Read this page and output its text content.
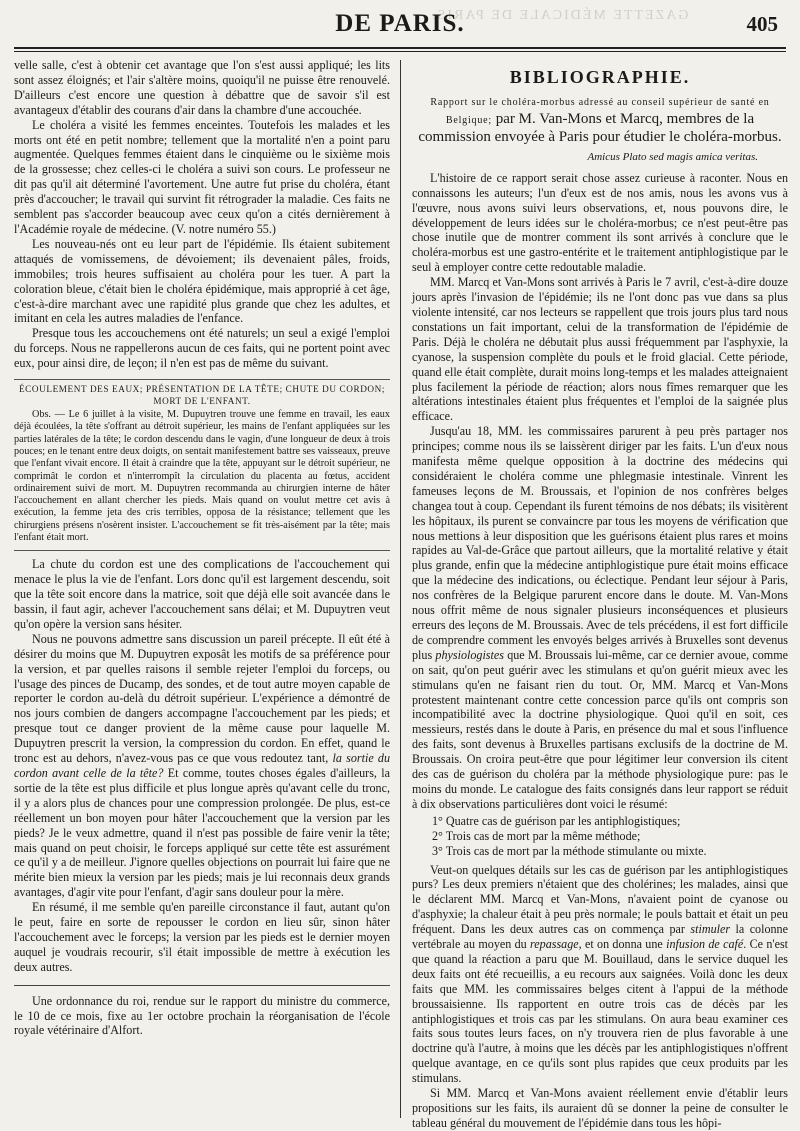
GAZETTE MÉDICALE DE PARIS.
DE PARIS.	405

velle salle, c'est à obtenir cet avantage que l'on s'est aussi appliqué; les lits sont assez éloignés; et l'air s'altère moins, quoiqu'il ne puisse être renouvelé. D'ailleurs c'est encore une question à débattre que de savoir s'il est avantageux d'établir des courans d'air dans la chambre d'une accouchée.

Le choléra a visité les femmes enceintes. Toutefois les malades et les morts ont été en petit nombre; tellement que la mortalité n'en a point paru augmentée. Quelques femmes étaient dans le cinquième ou le sixième mois de la grossesse; chez celles-ci le choléra a suivi son cours. Le professeur ne dit pas qu'il ait déterminé l'avortement. Une autre fut prise du choléra, étant près d'accoucher; le travail qui survint fit rétrograder la maladie. Ces faits ne semblent pas s'accorder beaucoup avec ceux qu'on a cités dernièrement à l'Académie royale de médecine. (V. notre numéro 55.)

Les nouveau-nés ont eu leur part de l'épidémie. Ils étaient subitement attaqués de vomissemens, de dévoiement; ils devenaient pâles, froids, immobiles; trois heures suffisaient au choléra pour les tuer. A part la coloration bleue, c'était bien le choléra épidémique, mais approprié à cet âge, c'est-à-dire marchant avec une rapidité plus grande que chez les adultes, et imitant en cela les autres maladies de l'enfance.

Presque tous les accouchemens ont été naturels; un seul a exigé l'emploi du forceps. Nous ne rappellerons aucun de ces faits, qui ne portent point avec eux, pour ainsi dire, de leçon; il n'en est pas de même du suivant.

ÉCOULEMENT DES EAUX; PRÉSENTATION DE LA TÊTE; CHUTE DU CORDON; MORT DE L'ENFANT.

Obs. — Le 6 juillet à la visite, M. Dupuytren trouve une femme en travail, les eaux déjà écoulées, la tête s'offrant au détroit supérieur, les mains de l'enfant appliquées sur les parties latérales de la tête; le cordon descendu dans le vagin, d'une longueur de deux à trois pouces; en le tenant entre deux doigts, on sentait manifestement battre ses vaisseaux, preuve que l'enfant vivait encore. Il était à craindre que la tête, appuyant sur le détroit supérieur, ne comprimât le cordon et n'interrompît la circulation du placenta au fœtus, accident ordinairement suivi de mort. M. Dupuytren recommanda au chirurgien interne de hâter l'accouchement en allant chercher les pieds. Mais quand on voulut mettre cet avis à exécution, la femme jeta des cris terribles, opposa de la résistance; tellement que les chirurgiens présens n'osèrent insister. L'accouchement se fit très-aisément par la tête; mais l'enfant était mort.

La chute du cordon est une des complications de l'accouchement qui menace le plus la vie de l'enfant. Lors donc qu'il est largement descendu, soit que la tête soit encore dans la matrice, soit que déjà elle soit avancée dans le bassin, il faut agir, achever l'accouchement sans délai; et M. Dupuytren veut qu'on opère la version sans hésiter.

Nous ne pouvons admettre sans discussion un pareil précepte. Il eût été à désirer du moins que M. Dupuytren exposât les motifs de sa préférence pour la version, et par quelles raisons il semble rejeter l'emploi du forceps, ou l'usage des pinces de Ducamp, des sondes, et de tout autre moyen capable de reporter le cordon au-delà du détroit supérieur. L'expérience a démontré de nos jours combien de dangers accompagne l'accouchement par les pieds; et presque tout ce danger provient de la même cause pour laquelle M. Dupuytren prescrit la version, la compression du cordon. En effet, quand le tronc est au dehors, n'avez-vous pas ce que vous redoutez tant, la sortie du cordon avant celle de la tête? Et comme, toutes choses égales d'ailleurs, la sortie de la tête est plus difficile et plus longue après qu'avant celle du tronc, il y a alors plus de chances pour une compression prolongée. De plus, est-ce réellement un bon moyen pour hâter l'accouchement que la version par les pieds? Je le veux admettre, quand il n'est pas possible de faire venir la tête; mais quand on peut choisir, le forceps appliqué sur cette tête est assurément ce qu'il y a de meilleur. J'ignore quelles objections on pourrait lui faire que ne mérite bien mieux la version par les pieds; mais je lui reconnais deux grands avantages, d'agir vite pour l'enfant, d'agir sans douleur pour la mère.

En résumé, il me semble qu'en pareille circonstance il faut, autant qu'on le peut, faire en sorte de repousser le cordon en lieu sûr, sinon hâter l'accouchement avec le forceps; la version par les pieds est le dernier moyen auquel je voudrais recourir, s'il était impossible de mettre à exécution les deux autres.

Une ordonnance du roi, rendue sur le rapport du ministre du commerce, le 10 de ce mois, fixe au 1er octobre prochain la réorganisation de l'école royale vétérinaire d'Alfort.

BIBLIOGRAPHIE.
Rapport sur le choléra-morbus adressé au conseil supérieur de santé en Belgique; par M. Van-Mons et Marcq, membres de la commission envoyée à Paris pour étudier le choléra-morbus.
Amicus Plato sed magis amica veritas.

L'histoire de ce rapport serait chose assez curieuse à raconter. Nous en connaissons les auteurs; l'un d'eux est de nos amis, nous les avons vus à l'œuvre, nous avons suivi leurs observations, et, nous pouvons dire, le développement de leurs idées sur le choléra-morbus; ce n'est peut-être pas chose inutile que de montrer comment ils sont arrivés à conclure que le choléra-morbus est une gastro-entérite et le traitement antiphlogistique par le seul à employer contre cette redoutable maladie.

MM. Marcq et Van-Mons sont arrivés à Paris le 7 avril, c'est-à-dire douze jours après l'invasion de l'épidémie; ils ne l'ont donc pas vue dans sa plus violente intensité, car nos lecteurs se rappellent que trois jours plus tard nous constations un fait important, celui de la transformation de l'épidémie de Paris. Déjà le choléra ne débutait plus aussi fréquemment par l'asphyxie, la cyanose, la suspension complète du pouls et le froid glacial. Cette période, quand elle était complète, durait moins long-temps et les malades atteignaient plus facilement la période de réaction; alors nous fîmes remarquer que les altérations intestinales étaient plus fréquentes et l'emploi de la saignée plus efficace.

Jusqu'au 18, MM. les commissaires parurent à peu près partager nos principes; comme nous ils se laissèrent diriger par les faits. L'un d'eux nous manifesta même quelque opposition à la doctrine des médecins qui considéraient le choléra comme une phlegmasie intestinale. Vinrent les fameuses leçons de M. Broussais, et l'opinion de nos confrères belges changea tout à coup. Cependant ils furent témoins de nos débats; ils visitèrent les hôpitaux, ils purent se convaincre par tous les moyens de vérification que nous mettions à leur disposition que les guérisons étaient plus rares et moins rapides au Val-de-Grâce que partout ailleurs, que la mortalité relative y était plus grande, enfin que la médecine antiphlogistique pure était moins efficace que la médecine des indications, ou éclectique. Pendant leur séjour à Paris, nos confrères de la Belgique parurent encore dans le doute. M. Van-Mons nous offrit même de nous signaler plusieurs inconséquences et plusieurs erreurs des leçons de M. Broussais. Avec de tels précédens, il est fort difficile de comprendre comment les envoyés belges arrivés à Bruxelles sont devenus plus physiologistes que M. Broussais lui-même, car ce dernier avoue, comme on sait, qu'on peut guérir avec les stimulans et qu'on guérit mieux avec les stimulans qu'en ne faisant rien du tout. Or, MM. Marcq et Van-Mons protestent maintenant contre cette concession parce qu'ils ont compris son incompatibilité avec la doctrine physiologique. Quoi qu'il en soit, ces messieurs, restés dans le doute à Paris, en présence du mal et sous l'influence des faits, sont devenus à Bruxelles partisans exclusifs de la doctrine de M. Broussais. On croira peut-être que pour légitimer leur conversion ils citent des cas de guérison du choléra par la méthode physiologique pure: pas le moins du monde. Le catalogue des faits consignés dans leur rapport se réduit à dix observations particulières dont voici le résumé:

1° Quatre cas de guérison par les antiphlogistiques;
2° Trois cas de mort par la même méthode;
3° Trois cas de mort par la méthode stimulante ou mixte.

Veut-on quelques détails sur les cas de guérison par les antiphlogistiques purs? Les deux premiers n'étaient que des cholérines; les malades, ainsi que le déclarent MM. Marcq et Van-Mons, n'avaient point de cyanose ou d'asphyxie; la chaleur était à peu près normale; le pouls battait et était un peu fréquent. Dans les deux autres cas on commença par stimuler la colonne vertébrale au moyen du repassage, et on donna une infusion de café. Ce n'est que quand la réaction a paru que M. Bouillaud, dans le service duquel les deux faits ont été recueillis, a eu recours aux saignées. Voilà donc les deux faits que MM. les commissaires belges citent à l'appui de la méthode broussaisienne. Ils rapportent en outre trois cas de décès par les antiphlogistiques et trois cas par les stimulans. On aura beau examiner ces faits sous toutes leurs faces, on n'y trouvera rien de plus favorable à une doctrine qu'à l'autre, à moins que les décès par les antiphlogistiques n'offrent quelque avantage, en ce qu'ils sont plus rapides que ceux produits par les stimulans.

Si MM. Marcq et Van-Mons avaient réellement envie d'établir leurs propositions sur les faits, ils auraient dû se donner la peine de consulter le tableau général du mouvement de l'épidémie dans tous les hôpi-
